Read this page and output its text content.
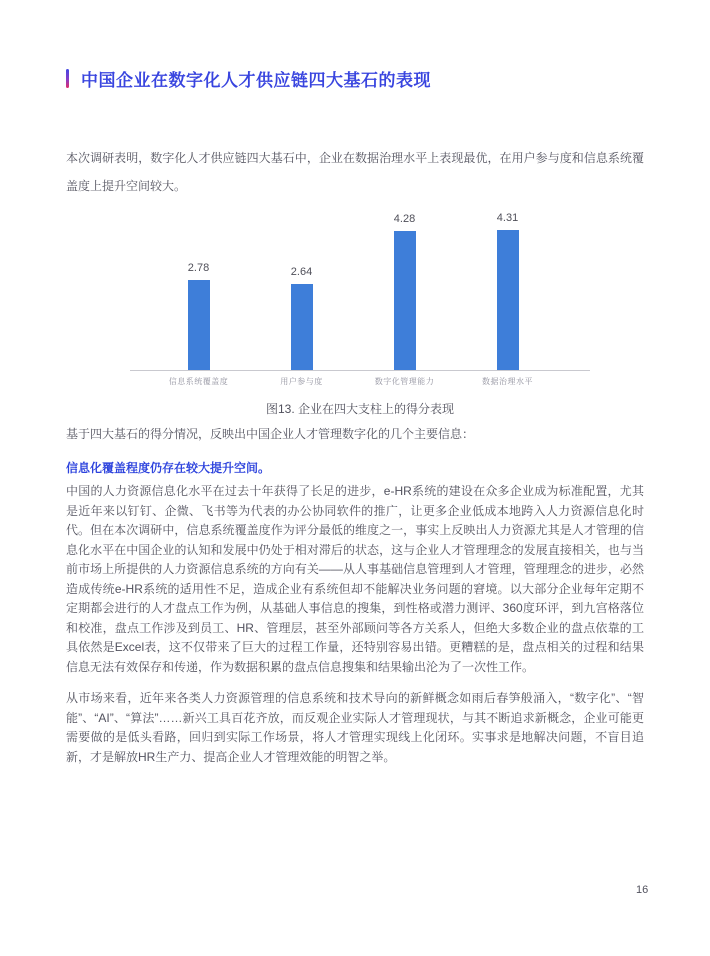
中国企业在数字化人才供应链四大基石的表现
本次调研表明，数字化人才供应链四大基石中，企业在数据治理水平上表现最优，在用户参与度和信息系统覆盖度上提升空间较大。
2.78	2.64
4.28	4.31
信息系统覆盖度	用户参与度	数字化管理能力	数据治理水平
图13. 企业在四大支柱上的得分表现

基于四大基石的得分情况，反映出中国企业人才管理数字化的几个主要信息：

信息化覆盖程度仍存在较大提升空间。

中国的人力资源信息化水平在过去十年获得了长足的进步，e-HR系统的建设在众多企业成为标准配置，尤其是近年来以钉钉、企微、飞书等为代表的办公协同软件的推广，让更多企业低成本地跨入人力资源信息化时代。但在本次调研中，信息系统覆盖度作为评分最低的维度之一，事实上反映出人力资源尤其是人才管理的信息化水平在中国企业的认知和发展中仍处于相对滞后的状态，这与企业人才管理理念的发展直接相关，也与当前市场上所提供的人力资源信息系统的方向有关——从人事基础信息管理到人才管理，管理理念的进步，必然造成传统e-HR系统的适用性不足，造成企业有系统但却不能解决业务问题的窘境。以大部分企业每年定期不定期都会进行的人才盘点工作为例，从基础人事信息的搜集，到性格或潜力测评、360度环评，到九宫格落位和校准，盘点工作涉及到员工、HR、管理层，甚至外部顾问等各方关系人，但绝大多数企业的盘点依靠的工具依然是Excel表，这不仅带来了巨大的过程工作量，还特别容易出错。更糟糕的是，盘点相关的过程和结果信息无法有效保存和传递，作为数据积累的盘点信息搜集和结果输出沦为了一次性工作。

从市场来看，近年来各类人力资源管理的信息系统和技术导向的新鲜概念如雨后春笋般涌入，“数字化”、“智能”、“AI”、“算法”……新兴工具百花齐放，而反观企业实际人才管理现状，与其不断追求新概念，企业可能更需要做的是低头看路，回归到实际工作场景，将人才管理实现线上化闭环。实事求是地解决问题，不盲目追新，才是解放HR生产力、提高企业人才管理效能的明智之举。

16
